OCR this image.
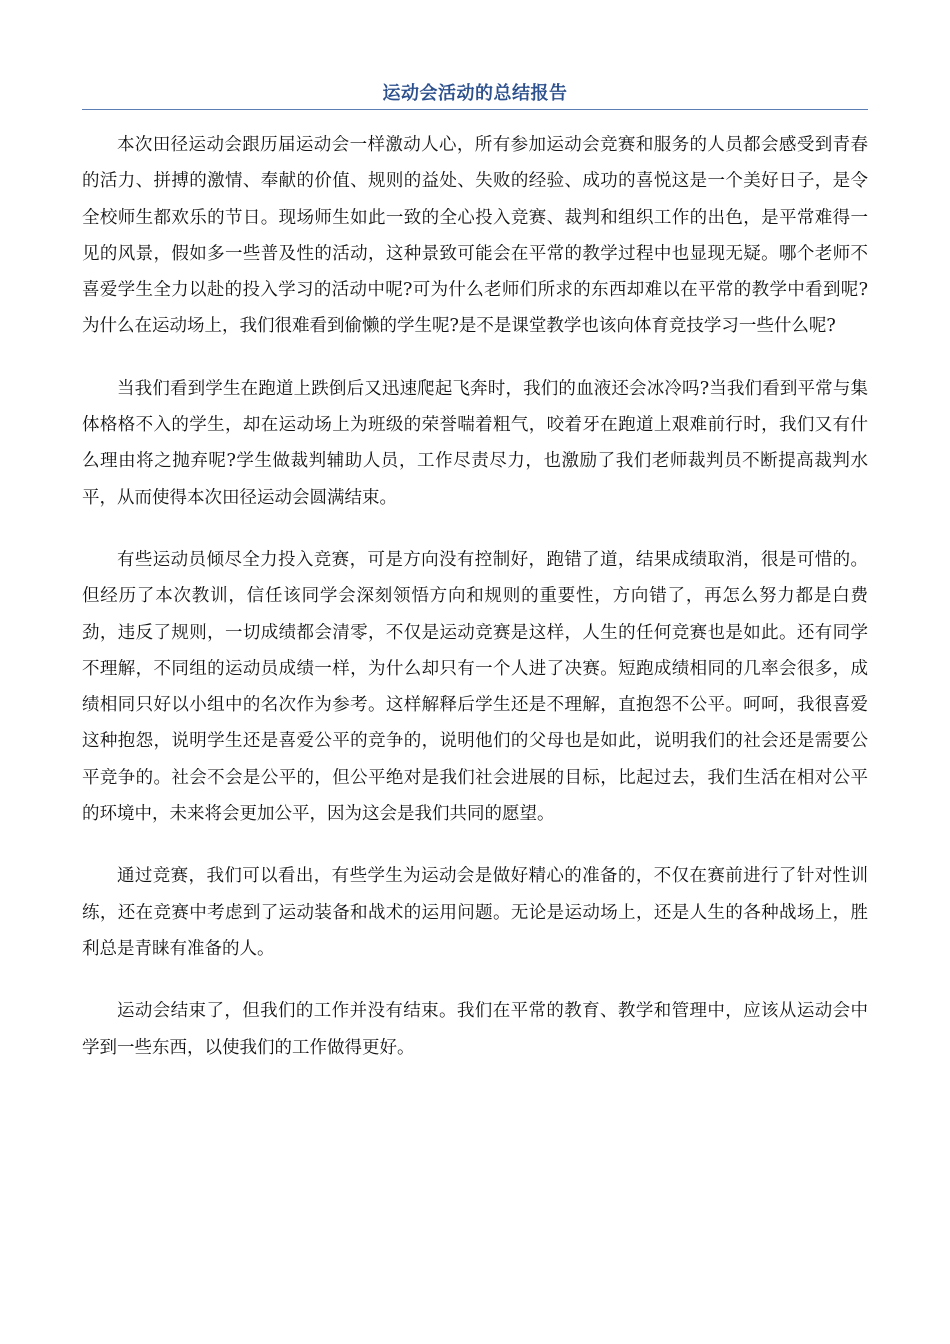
运动会活动的总结报告

本次田径运动会跟历届运动会一样激动人心，所有参加运动会竞赛和服务的人员都会感受到青春的活力、拼搏的激情、奉献的价值、规则的益处、失败的经验、成功的喜悦这是一个美好日子，是令全校师生都欢乐的节日。现场师生如此一致的全心投入竞赛、裁判和组织工作的出色，是平常难得一见的风景，假如多一些普及性的活动，这种景致可能会在平常的教学过程中也显现无疑。哪个老师不喜爱学生全力以赴的投入学习的活动中呢?可为什么老师们所求的东西却难以在平常的教学中看到呢?为什么在运动场上，我们很难看到偷懒的学生呢?是不是课堂教学也该向体育竞技学习一些什么呢?

当我们看到学生在跑道上跌倒后又迅速爬起飞奔时，我们的血液还会冰冷吗?当我们看到平常与集体格格不入的学生，却在运动场上为班级的荣誉喘着粗气，咬着牙在跑道上艰难前行时，我们又有什么理由将之抛弃呢?学生做裁判辅助人员，工作尽责尽力，也激励了我们老师裁判员不断提高裁判水平，从而使得本次田径运动会圆满结束。

有些运动员倾尽全力投入竞赛，可是方向没有控制好，跑错了道，结果成绩取消，很是可惜的。但经历了本次教训，信任该同学会深刻领悟方向和规则的重要性，方向错了，再怎么努力都是白费劲，违反了规则，一切成绩都会清零，不仅是运动竞赛是这样，人生的任何竞赛也是如此。还有同学不理解，不同组的运动员成绩一样，为什么却只有一个人进了决赛。短跑成绩相同的几率会很多，成绩相同只好以小组中的名次作为参考。这样解释后学生还是不理解，直抱怨不公平。呵呵，我很喜爱这种抱怨，说明学生还是喜爱公平的竞争的，说明他们的父母也是如此，说明我们的社会还是需要公平竞争的。社会不会是公平的，但公平绝对是我们社会进展的目标，比起过去，我们生活在相对公平的环境中，未来将会更加公平，因为这会是我们共同的愿望。

通过竞赛，我们可以看出，有些学生为运动会是做好精心的准备的，不仅在赛前进行了针对性训练，还在竞赛中考虑到了运动装备和战术的运用问题。无论是运动场上，还是人生的各种战场上，胜利总是青睐有准备的人。

运动会结束了，但我们的工作并没有结束。我们在平常的教育、教学和管理中，应该从运动会中学到一些东西，以使我们的工作做得更好。
